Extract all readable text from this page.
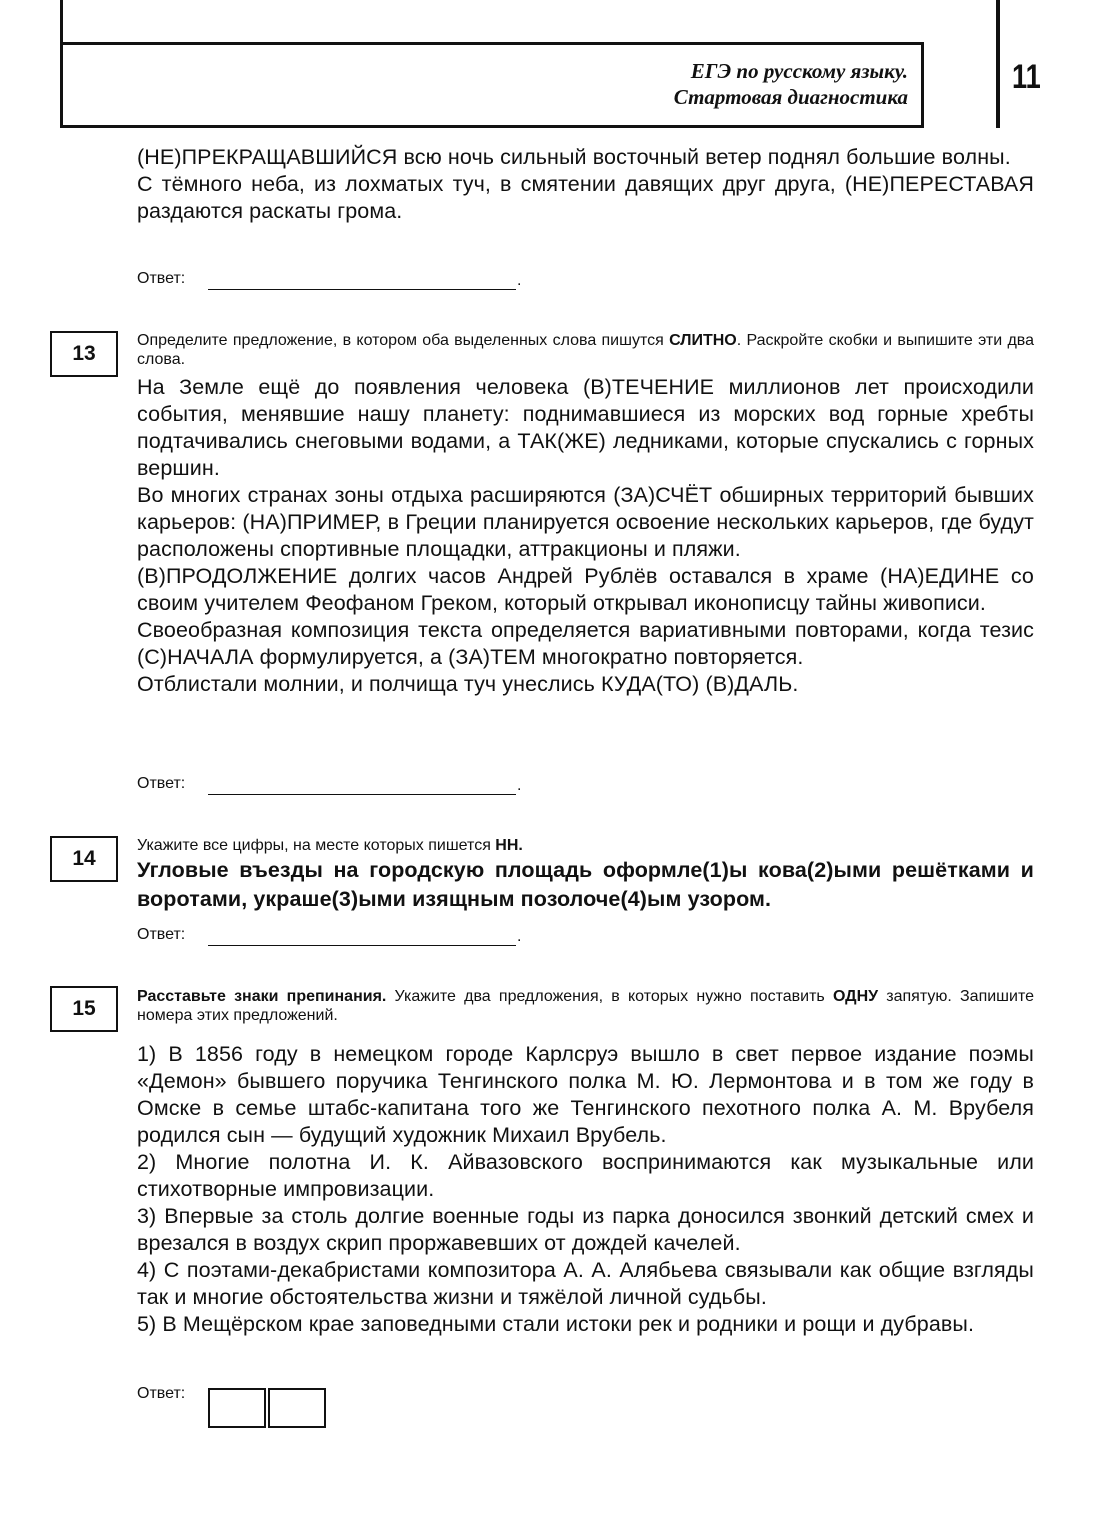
ЕГЭ по русскому языку.
Стартовая диагностика
11

(НЕ)ПРЕКРАЩАВШИЙСЯ всю ночь сильный восточный ветер поднял большие волны.

С тёмного неба, из лохматых туч, в смятении давящих друг друга, (НЕ)ПЕРЕСТАВАЯ раздаются раскаты грома.

Ответ:	.
13
Определите предложение, в котором оба выделенных слова пишутся СЛИТНО. Раскройте скобки и выпишите эти два слова.

На Земле ещё до появления человека (В)ТЕЧЕНИЕ миллионов лет происходили события, менявшие нашу планету: поднимавшиеся из морских вод горные хребты подтачивались снеговыми водами, а ТАК(ЖЕ) ледниками, которые спускались с горных вершин.

Во многих странах зоны отдыха расширяются (ЗА)СЧЁТ обширных территорий бывших карьеров: (НА)ПРИМЕР, в Греции планируется освоение нескольких карьеров, где будут расположены спортивные площадки, аттракционы и пляжи.

(В)ПРОДОЛЖЕНИЕ долгих часов Андрей Рублёв оставался в храме (НА)ЕДИНЕ со своим учителем Феофаном Греком, который открывал иконописцу тайны живописи.

Своеобразная композиция текста определяется вариативными повторами, когда тезис (С)НАЧАЛА формулируется, а (ЗА)ТЕМ многократно повторяется.

Отблистали молнии, и полчища туч унеслись КУДА(ТО) (В)ДАЛЬ.

Ответ:	.
14
Укажите все цифры, на месте которых пишется НН.
Угловые въезды на городскую площадь оформле(1)ы кова(2)ыми решётками и воротами, украше(3)ыми изящным позолоче(4)ым узором.
Ответ:	.
15
Расставьте знаки препинания. Укажите два предложения, в которых нужно поставить ОДНУ запятую. Запишите номера этих предложений.

1) В 1856 году в немецком городе Карлсруэ вышло в свет первое издание поэмы «Демон» бывшего поручика Тенгинского полка М. Ю. Лермонтова и в том же году в Омске в семье штабс-капитана того же Тенгинского пехотного полка А. М. Врубеля родился сын — будущий художник Михаил Врубель.

2) Многие полотна И. К. Айвазовского воспринимаются как музыкальные или стихотворные импровизации.

3) Впервые за столь долгие военные годы из парка доносился звонкий детский смех и врезался в воздух скрип проржавевших от дождей качелей.

4) С поэтами-декабристами композитора А. А. Алябьева связывали как общие взгляды так и многие обстоятельства жизни и тяжёлой личной судьбы.

5) В Мещёрском крае заповедными стали истоки рек и родники и рощи и дубравы.

Ответ:
